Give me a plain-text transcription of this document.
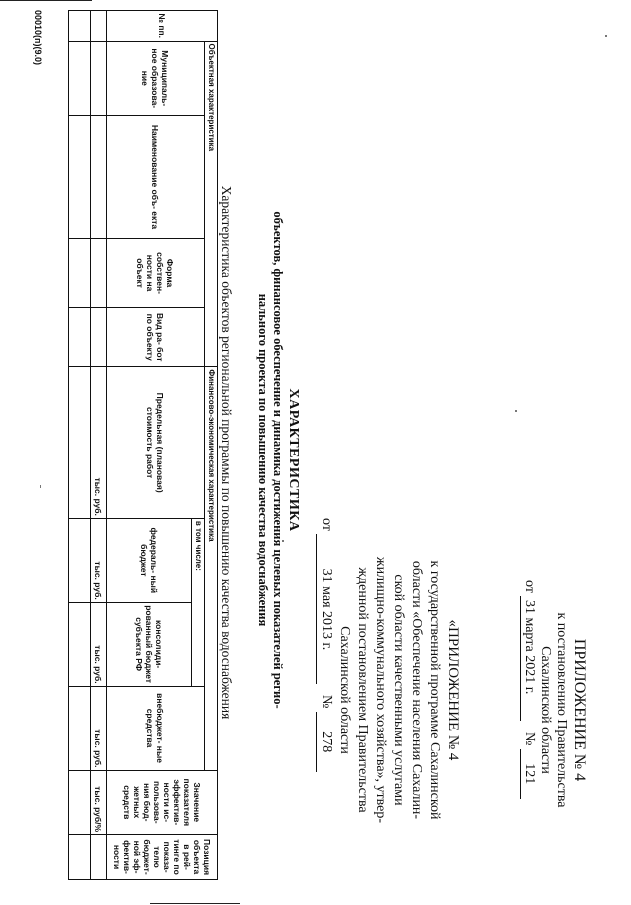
ПРИЛОЖЕНИЕ № 4
к постановлению Правительства
Сахалинской области
от  31 марта 2021 г.   № 121
«ПРИЛОЖЕНИЕ № 4
к государственной программе Сахалинской
области «Обеспечение населения Сахалин-
ской области качественными услугами
жилищно-коммунального хозяйства», утвер-
жденной постановлением Правительства
Сахалинской области
от 31 мая 2013 г.   № 278
ХАРАКТЕРИСТИКА
объектов, финансовое обеспечение и динамика достижения целевых показателей регио-
нального проекта по повышению качества водоснабжения
Характеристика объектов региональной программы по повышению качества водоснабжения
№ пп.	Объектная характеристика				Финансово-экономическая характеристика				Значение показателя эффектив- ности ис- пользова- ния бюд- жетных средств	Позиция объекта в рей- тинге по показа- телю бюджет- ной эф- фектив- ности
	Муниципаль- ное образова- ние	Наименование объ- екта	Форма собствен- ности на объект	Вид ра- бот по объекту	Предельная (плановая) стоимость работ	в том числе:		внебюджет- ные средства		
						федераль- ный бюджет	консолиди- рованный бюджет субъекта РФ			
					тыс. руб.	тыс. руб.	тыс. руб.	тыс. руб.	тыс. руб/%	

00010(п)(9.0)
